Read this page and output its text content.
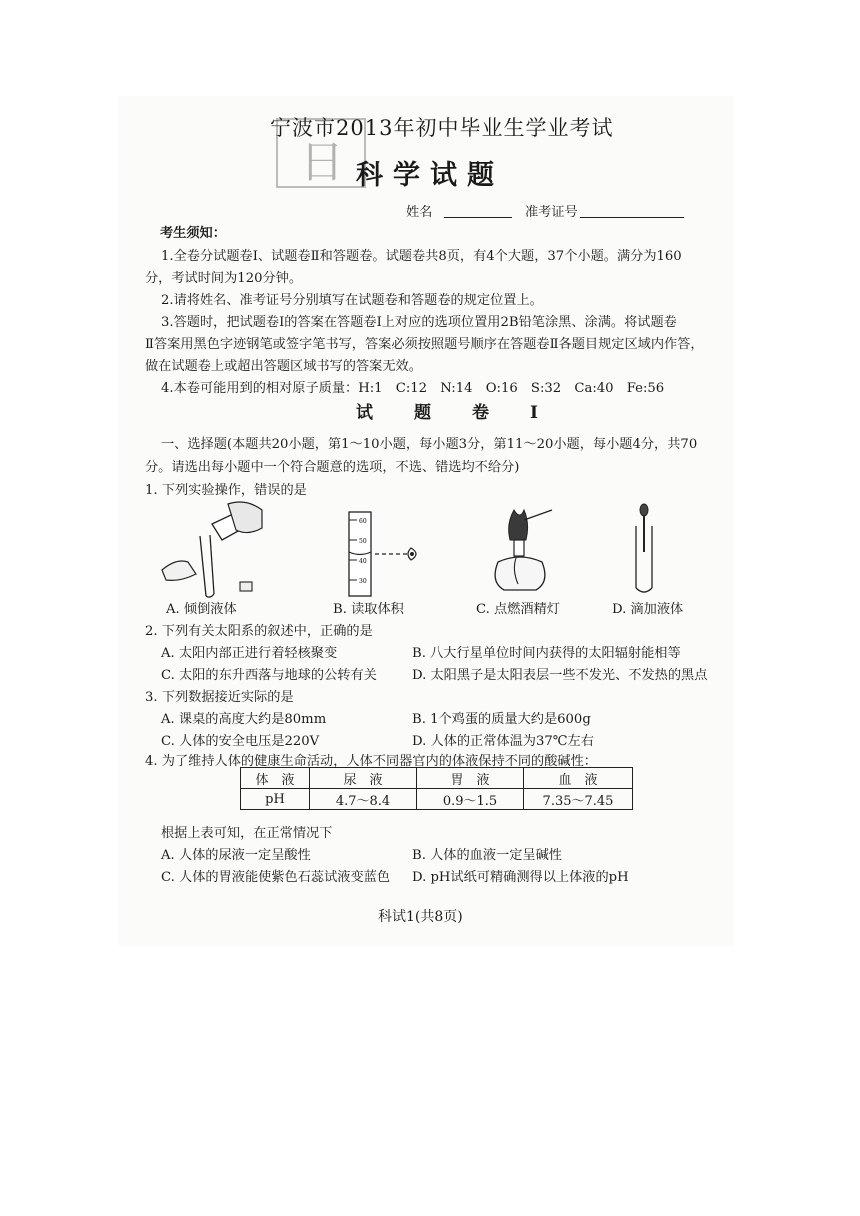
日
宁波市2013年初中毕业生学业考试
科学试题
姓名	准考证号
考生须知：
1.全卷分试题卷Ⅰ、试题卷Ⅱ和答题卷。试题卷共8页，有4个大题，37个小题。满分为160
分，考试时间为120分钟。
2.请将姓名、准考证号分别填写在试题卷和答题卷的规定位置上。
3.答题时，把试题卷Ⅰ的答案在答题卷Ⅰ上对应的选项位置用2B铅笔涂黑、涂满。将试题卷
Ⅱ答案用黑色字迹钢笔或签字笔书写，答案必须按照题号顺序在答题卷Ⅱ各题目规定区域内作答，
做在试题卷上或超出答题区域书写的答案无效。
4.本卷可能用到的相对原子质量：H:1　C:12　N:14　O:16　S:32　Ca:40　Fe:56
试　题　卷　Ⅰ
一、选择题(本题共20小题，第1～10小题，每小题3分，第11～20小题，每小题4分，共70
分。请选出每小题中一个符合题意的选项，不选、错选均不给分)
1. 下列实验操作，错误的是
A. 倾倒液体
60
50
40
30
B. 读取体积	C. 点燃酒精灯	D. 滴加液体
2. 下列有关太阳系的叙述中，正确的是
A. 太阳内部正进行着轻核聚变	B. 八大行星单位时间内获得的太阳辐射能相等
C. 太阳的东升西落与地球的公转有关	D. 太阳黑子是太阳表层一些不发光、不发热的黑点
3. 下列数据接近实际的是
A. 课桌的高度大约是80mm	B. 1个鸡蛋的质量大约是600g
C. 人体的安全电压是220V	D. 人体的正常体温为37℃左右
4. 为了维持人体的健康生命活动，人体不同器官内的体液保持不同的酸碱性：
体　液	尿　液	胃　液	血　液
pH	4.7～8.4	0.9～1.5	7.35～7.45
根据上表可知，在正常情况下
A. 人体的尿液一定呈酸性	B. 人体的血液一定呈碱性
C. 人体的胃液能使紫色石蕊试液变蓝色 D. pH试纸可精确测得以上体液的pH
科试1(共8页)
